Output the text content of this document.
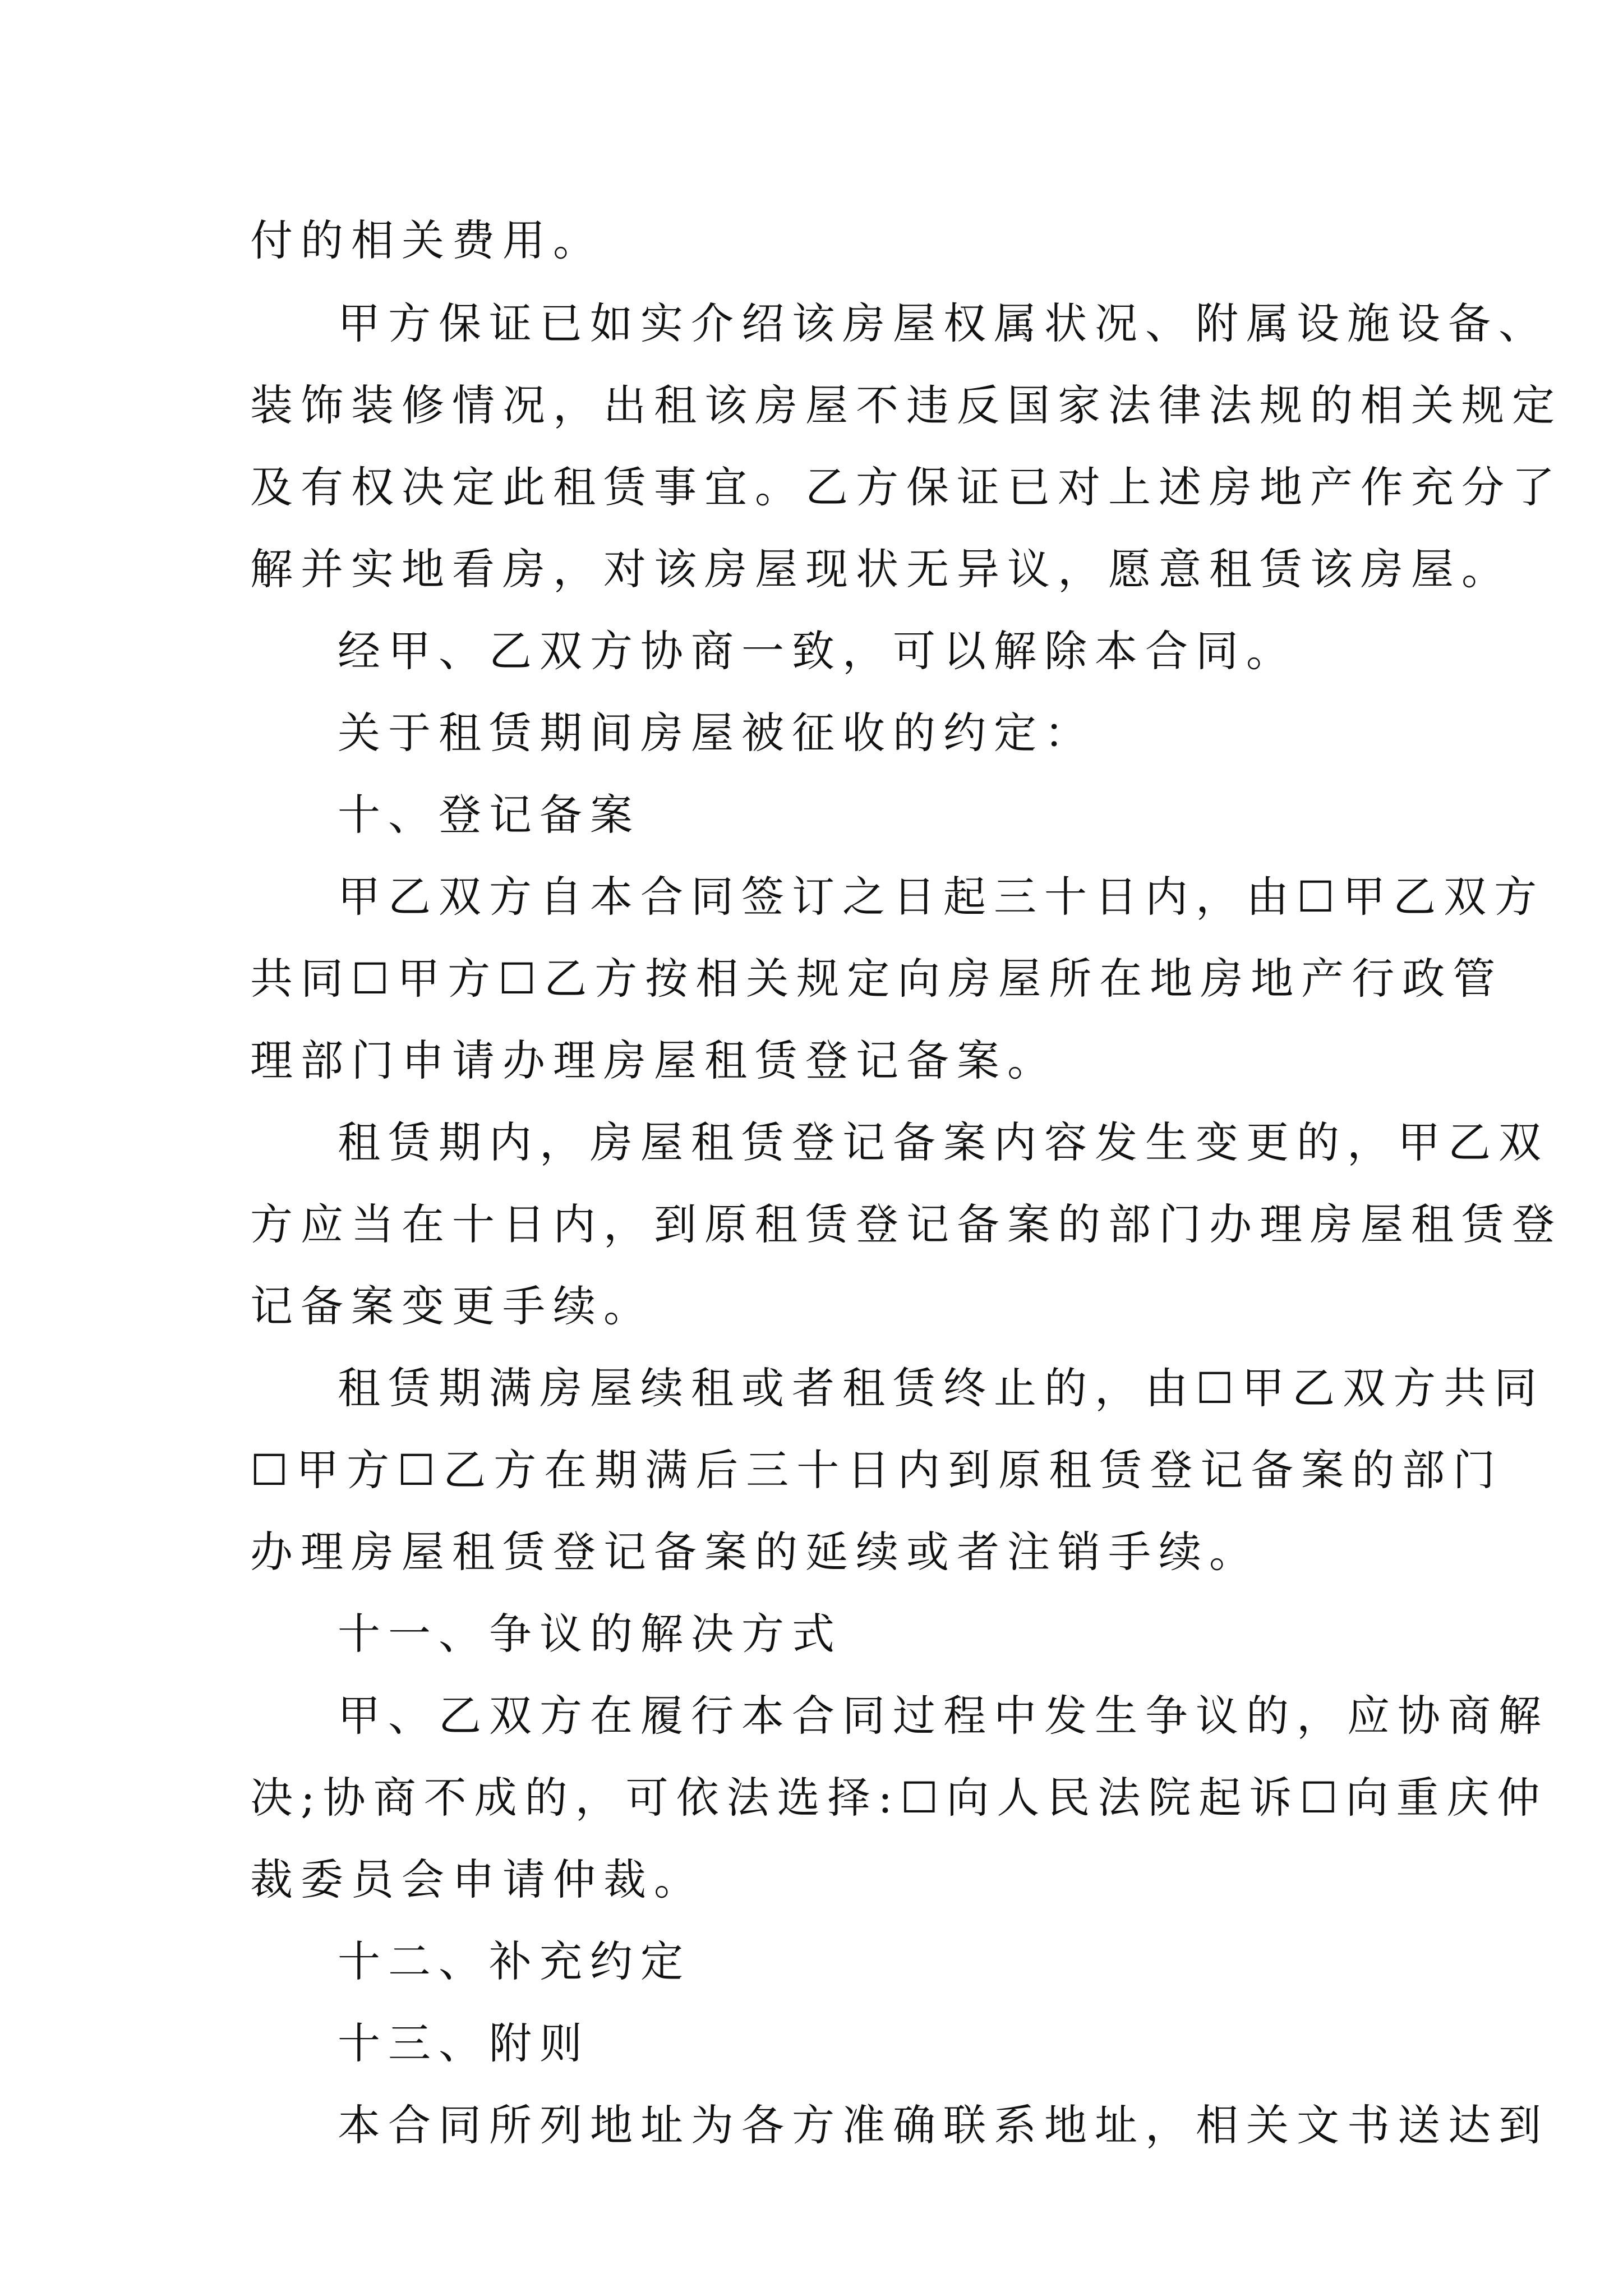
付的相关费用。
甲方保证已如实介绍该房屋权属状况、附属设施设备、
装饰装修情况，出租该房屋不违反国家法律法规的相关规定
及有权决定此租赁事宜。乙方保证已对上述房地产作充分了
解并实地看房，对该房屋现状无异议，愿意租赁该房屋。
经甲、乙双方协商一致，可以解除本合同。
关于租赁期间房屋被征收的约定：
十、登记备案
甲乙双方自本合同签订之日起三十日内，由☐甲乙双方
共同☐甲方☐乙方按相关规定向房屋所在地房地产行政管
理部门申请办理房屋租赁登记备案。
租赁期内，房屋租赁登记备案内容发生变更的，甲乙双
方应当在十日内，到原租赁登记备案的部门办理房屋租赁登
记备案变更手续。
租赁期满房屋续租或者租赁终止的，由☐甲乙双方共同
☐甲方☐乙方在期满后三十日内到原租赁登记备案的部门
办理房屋租赁登记备案的延续或者注销手续。
十一、争议的解决方式
甲、乙双方在履行本合同过程中发生争议的，应协商解
决;协商不成的，可依法选择:☐向人民法院起诉☐向重庆仲
裁委员会申请仲裁。
十二、补充约定
十三、附则
本合同所列地址为各方准确联系地址，相关文书送达到
